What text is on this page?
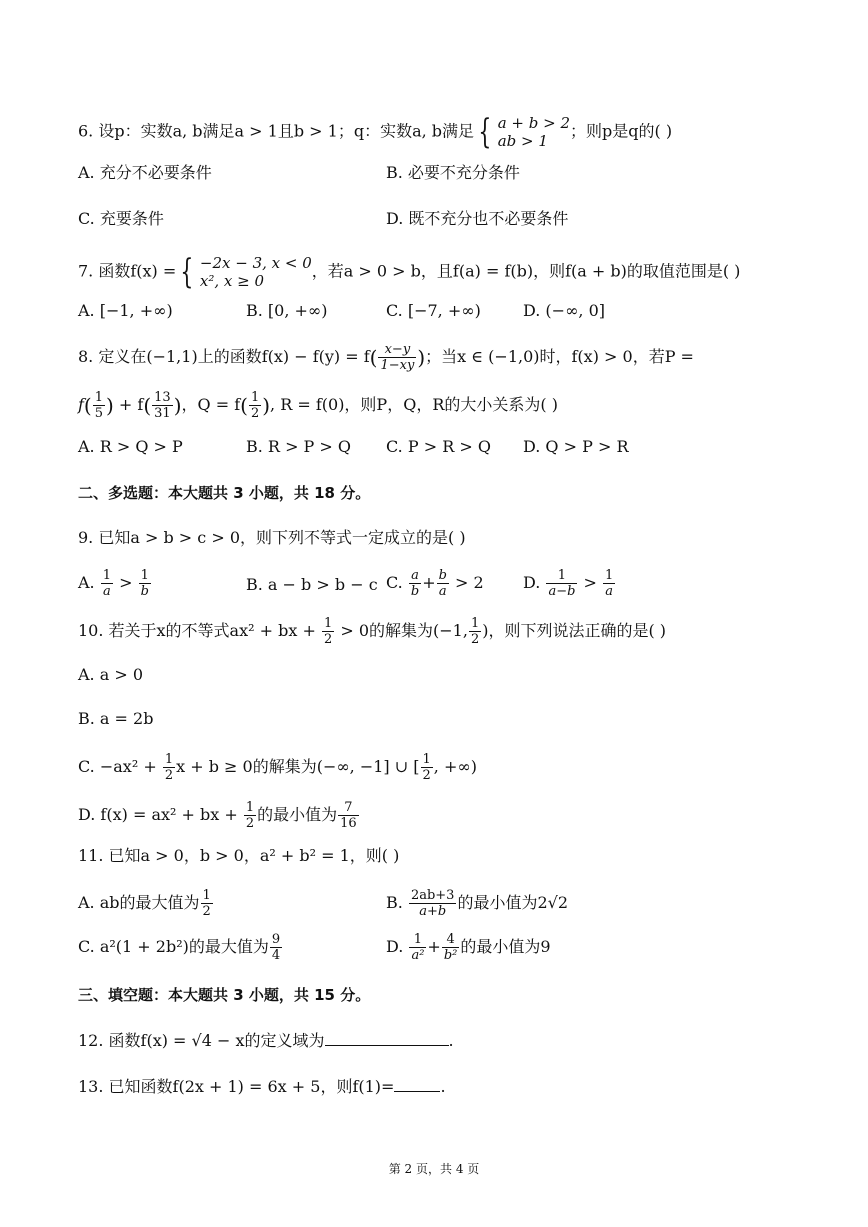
6. 设p：实数a, b满足a > 1且b > 1；q：实数a, b满足 { a + b > 2
ab > 1
；则p是q的( )
A. 充分不必要条件	B. 必要不充分条件
C. 充要条件	D. 既不充分也不必要条件
7. 函数f(x) = { −2x − 3, x < 0
x², x ≥ 0
，若a > 0 > b，且f(a) = f(b)，则f(a + b)的取值范围是( )
A. [−1, +∞)	B. [0, +∞)	C. [−7, +∞)	D. (−∞, 0]
8. 定义在(−1,1)上的函数$f(x) - f(y) = f( \frac{x-y}{1-xy}$ )；当x ∈ (−1,0)时，f(x) > 0，若P =
$f( \frac{1}{5}$ ) + $f( \frac{13}{31}$ )，$Q = f( \frac{1}{2}$ ), R = f(0)，则P，Q，R的大小关系为( )
A. R > Q > P	B. R > P > Q C. P > R > Q D. Q > P > R
二、多选题：本大题共 3 小题，共 18 分。
9. 已知a > b > c > 0，则下列不等式一定成立的是( )
A. $\frac{1}{a} > \frac{1}{b}$	B. a − b > b − c C. $\frac{a}{b} + \frac{b}{a} > 2$ D. $\frac{1}{a-b} > \frac{1}{a}$
10. 若关于x的不等式ax² + bx + $\frac{1}{2} > 0$的解集为(−1, $\frac{1}{2}$ )，则下列说法正确的是( )
A. a > 0
B. a = 2b
C. $-ax^2 + \frac{1}{2}$ x + b ≥ 0的解集为(−∞, −1] ∪ [ $\frac{1}{2}$ , +∞)
D. f(x) = ax² + bx + $\frac{1}{2}$ 的最小值为 $\frac{7}{16}$
11. 已知a > 0，b > 0，a² + b² = 1，则( )
A. ab的最大值为 $\frac{1}{2}$	B. $\frac{2ab+3}{a+b}$ 的最小值为2√2
C. a²(1 + 2b²)的最大值为 $\frac{9}{4}$	D. $\frac{1}{\text{a²}} + \frac{4}{\text{b²}}$ 的最小值为9
三、填空题：本大题共 3 小题，共 15 分。
12. 函数f(x) = √4 − x的定义域为	.
13. 已知函数f(2x + 1) = 6x + 5，则f(1)=	.
第 2 页，共 4 页
